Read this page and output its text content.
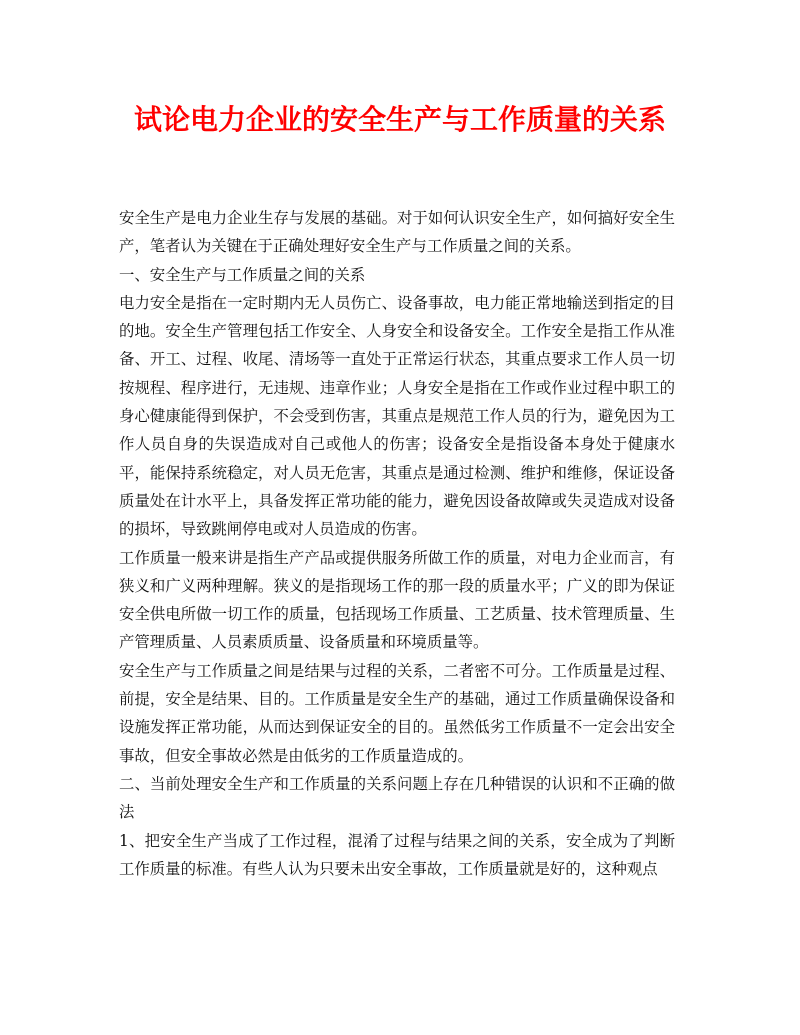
试论电力企业的安全生产与工作质量的关系

安全生产是电力企业生存与发展的基础。对于如何认识安全生产，如何搞好安全生产，笔者认为关键在于正确处理好安全生产与工作质量之间的关系。

一、安全生产与工作质量之间的关系

电力安全是指在一定时期内无人员伤亡、设备事故，电力能正常地输送到指定的目的地。安全生产管理包括工作安全、人身安全和设备安全。工作安全是指工作从准备、开工、过程、收尾、清场等一直处于正常运行状态，其重点要求工作人员一切按规程、程序进行，无违规、违章作业；人身安全是指在工作或作业过程中职工的身心健康能得到保护，不会受到伤害，其重点是规范工作人员的行为，避免因为工作人员自身的失误造成对自己或他人的伤害；设备安全是指设备本身处于健康水平，能保持系统稳定，对人员无危害，其重点是通过检测、维护和维修，保证设备质量处在计水平上，具备发挥正常功能的能力，避免因设备故障或失灵造成对设备的损坏，导致跳闸停电或对人员造成的伤害。

工作质量一般来讲是指生产产品或提供服务所做工作的质量，对电力企业而言，有狭义和广义两种理解。狭义的是指现场工作的那一段的质量水平；广义的即为保证安全供电所做一切工作的质量，包括现场工作质量、工艺质量、技术管理质量、生产管理质量、人员素质质量、设备质量和环境质量等。

安全生产与工作质量之间是结果与过程的关系，二者密不可分。工作质量是过程、前提，安全是结果、目的。工作质量是安全生产的基础，通过工作质量确保设备和设施发挥正常功能，从而达到保证安全的目的。虽然低劣工作质量不一定会出安全事故，但安全事故必然是由低劣的工作质量造成的。

二、当前处理安全生产和工作质量的关系问题上存在几种错误的认识和不正确的做法

1、把安全生产当成了工作过程，混淆了过程与结果之间的关系，安全成为了判断工作质量的标准。有些人认为只要未出安全事故，工作质量就是好的，这种观点
